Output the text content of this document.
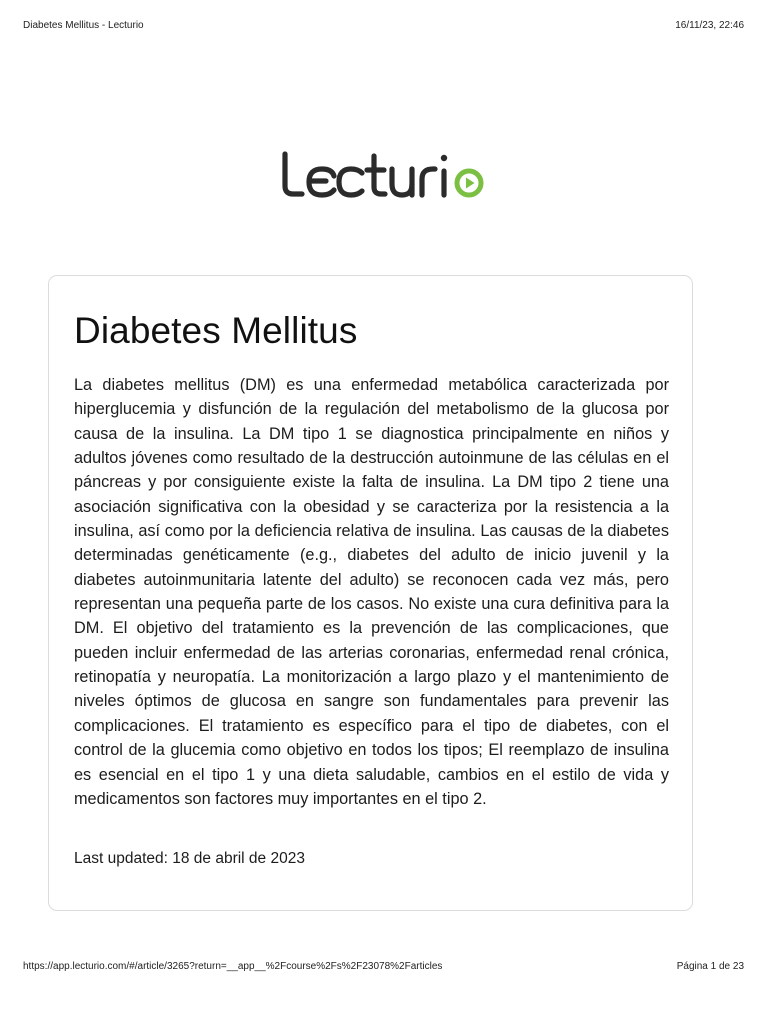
Diabetes Mellitus - Lecturio	16/11/23, 22:46
Diabetes Mellitus

La diabetes mellitus (DM) es una enfermedad metabólica caracterizada por hiperglucemia y disfunción de la regulación del metabolismo de la glucosa por causa de la insulina. La DM tipo 1 se diagnostica principalmente en niños y adultos jóvenes como resultado de la destrucción autoinmune de las células en el páncreas y por consiguiente existe la falta de insulina. La DM tipo 2 tiene una asociación significativa con la obesidad y se caracteriza por la resistencia a la insulina, así como por la deficiencia relativa de insulina. Las causas de la diabetes determinadas genéticamente (e.g., diabetes del adulto de inicio juvenil y la diabetes autoinmunitaria latente del adulto) se reconocen cada vez más, pero representan una pequeña parte de los casos. No existe una cura definitiva para la DM. El objetivo del tratamiento es la prevención de las complicaciones, que pueden incluir enfermedad de las arterias coronarias, enfermedad renal crónica, retinopatía y neuropatía. La monitorización a largo plazo y el mantenimiento de niveles óptimos de glucosa en sangre son fundamentales para prevenir las complicaciones. El tratamiento es específico para el tipo de diabetes, con el control de la glucemia como objetivo en todos los tipos; El reemplazo de insulina es esencial en el tipo 1 y una dieta saludable, cambios en el estilo de vida y medicamentos son factores muy importantes en el tipo 2.

Last updated: 18 de abril de 2023

https://app.lecturio.com/#/article/3265?return=__app__%2Fcourse%2Fs%2F23078%2Farticles	Página 1 de 23
